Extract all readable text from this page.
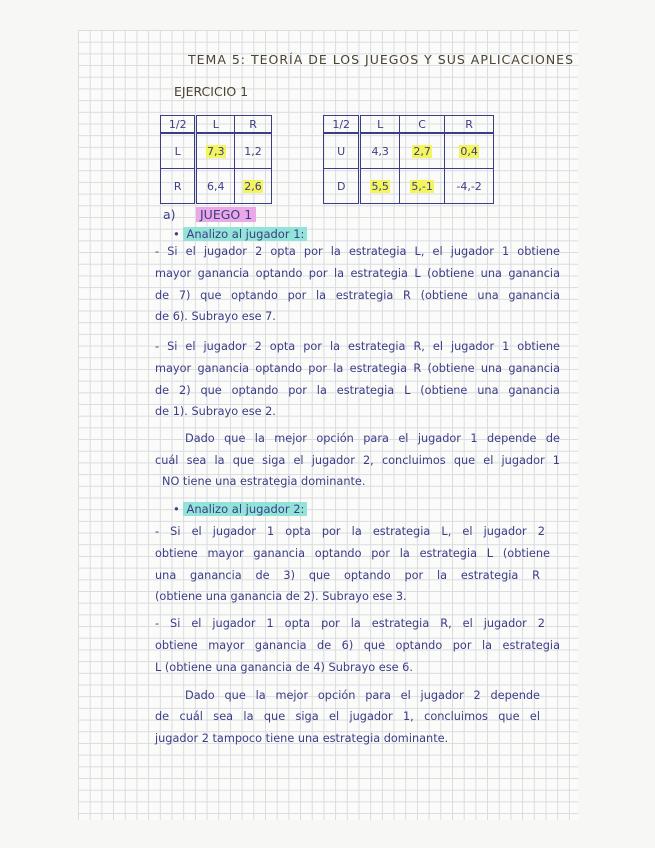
TEMA 5: TEORÍA DE LOS JUEGOS Y SUS APLICACIONES
EJERCICIO 1
1/2	L	R
L	7,3	1,2
R	6,4	2,6
1/2	L	C	R
U	4,3	2,7	0,4
D	5,5	5,-1	-4,-2
a)	JUEGO 1
• Analizo al jugador 1:
- Si el jugador 2 opta por la estrategia L, el jugador 1 obtiene
mayor ganancia optando por la estrategia L (obtiene una ganancia
de 7) que optando por la estrategia R (obtiene una ganancia
de 6). Subrayo ese 7.
- Si el jugador 2 opta por la estrategia R, el jugador 1 obtiene
mayor ganancia optando por la estrategia R (obtiene una ganancia
de 2) que optando por la estrategia L (obtiene una ganancia
de 1). Subrayo ese 2.
Dado que la mejor opción para el jugador 1 depende de
cuál sea la que siga el jugador 2, concluimos que el jugador 1
NO tiene una estrategia dominante.
• Analizo al jugador 2:
- Si el jugador 1 opta por la estrategia L, el jugador 2
obtiene mayor ganancia optando por la estrategia L (obtiene
una ganancia de 3) que optando por la estrategia R
(obtiene una ganancia de 2). Subrayo ese 3.
- Si el jugador 1 opta por la estrategia R, el jugador 2
obtiene mayor ganancia de 6) que optando por la estrategia
L (obtiene una ganancia de 4) Subrayo ese 6.
Dado que la mejor opción para el jugador 2 depende
de cuál sea la que siga el jugador 1, concluimos que el
jugador 2 tampoco tiene una estrategia dominante.
